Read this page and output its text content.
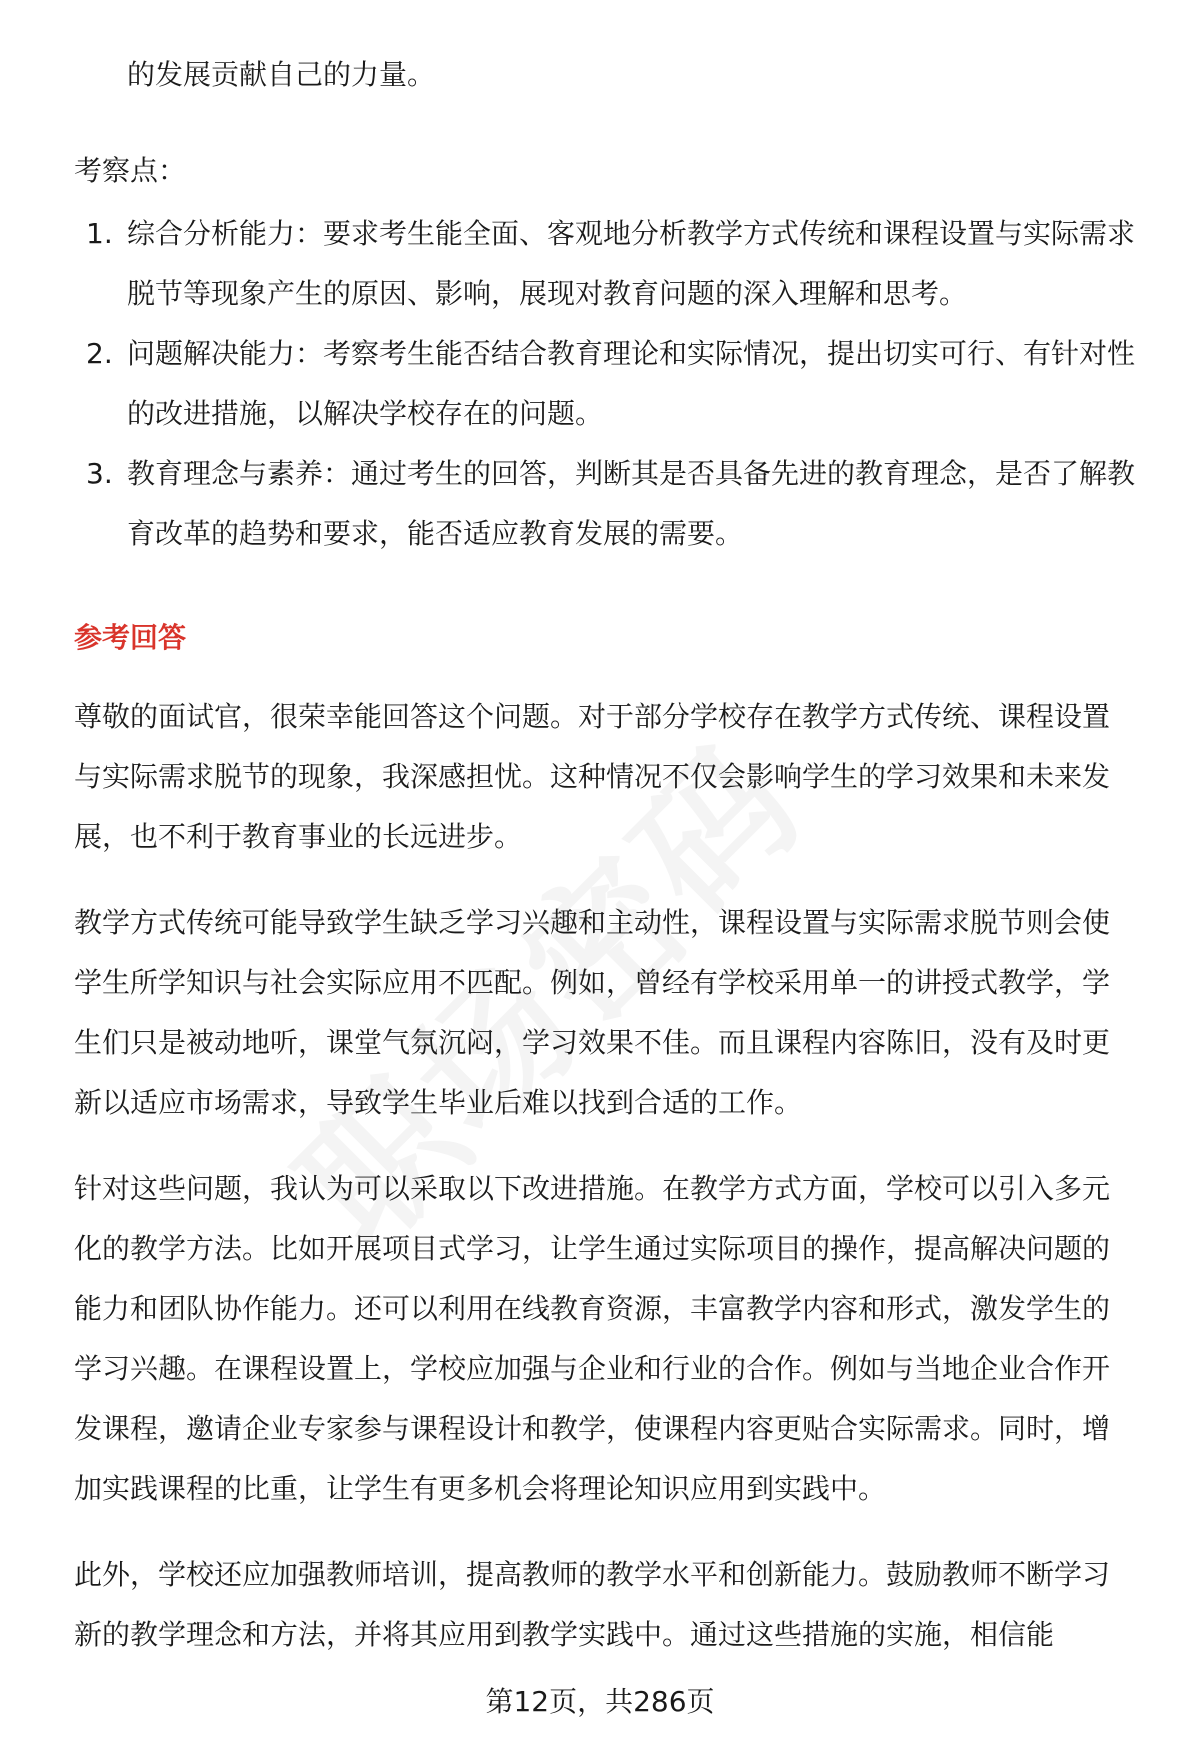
的发展贡献自己的力量。

考察点：

1. 综合分析能力：要求考生能全面、客观地分析教学方式传统和课程设置与实际需求脱节等现象产生的原因、影响，展现对教育问题的深入理解和思考。
2. 问题解决能力：考察考生能否结合教育理论和实际情况，提出切实可行、有针对性的改进措施，以解决学校存在的问题。
3. 教育理念与素养：通过考生的回答，判断其是否具备先进的教育理念，是否了解教育改革的趋势和要求，能否适应教育发展的需要。
参考回答

尊敬的面试官，很荣幸能回答这个问题。对于部分学校存在教学方式传统、课程设置与实际需求脱节的现象，我深感担忧。这种情况不仅会影响学生的学习效果和未来发展，也不利于教育事业的长远进步。

教学方式传统可能导致学生缺乏学习兴趣和主动性，课程设置与实际需求脱节则会使学生所学知识与社会实际应用不匹配。例如，曾经有学校采用单一的讲授式教学，学生们只是被动地听，课堂气氛沉闷，学习效果不佳。而且课程内容陈旧，没有及时更新以适应市场需求，导致学生毕业后难以找到合适的工作。

针对这些问题，我认为可以采取以下改进措施。在教学方式方面，学校可以引入多元化的教学方法。比如开展项目式学习，让学生通过实际项目的操作，提高解决问题的能力和团队协作能力。还可以利用在线教育资源，丰富教学内容和形式，激发学生的学习兴趣。在课程设置上，学校应加强与企业和行业的合作。例如与当地企业合作开发课程，邀请企业专家参与课程设计和教学，使课程内容更贴合实际需求。同时，增加实践课程的比重，让学生有更多机会将理论知识应用到实践中。

此外，学校还应加强教师培训，提高教师的教学水平和创新能力。鼓励教师不断学习新的教学理念和方法，并将其应用到教学实践中。通过这些措施的实施，相信能

第12页，共286页
